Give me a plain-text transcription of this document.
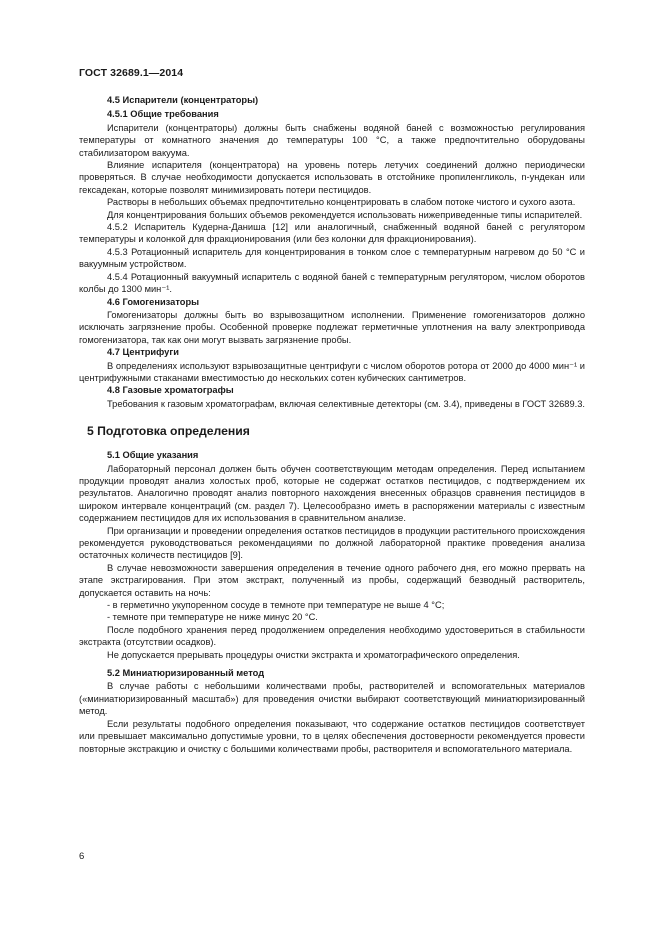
ГОСТ 32689.1—2014
4.5 Испарители (концентраторы)
4.5.1 Общие требования

Испарители (концентраторы) должны быть снабжены водяной баней с возможностью регулирования температуры от комнатного значения до температуры 100 °С, а также предпочтительно оборудованы стабилизатором вакуума.

Влияние испарителя (концентратора) на уровень потерь летучих соединений должно периодически проверяться. В случае необходимости допускается использовать в отстойнике пропиленгликоль, n-ундекан или гексадекан, которые позволят минимизировать потери пестицидов.

Растворы в небольших объемах предпочтительно концентрировать в слабом потоке чистого и сухого азота.

Для концентрирования больших объемов рекомендуется использовать нижеприведенные типы испарителей.

4.5.2 Испаритель Кудерна-Даниша [12] или аналогичный, снабженный водяной баней с регулятором температуры и колонкой для фракционирования (или без колонки для фракционирования).

4.5.3 Ротационный испаритель для концентрирования в тонком слое с температурным нагревом до 50 °С и вакуумным устройством.

4.5.4 Ротационный вакуумный испаритель с водяной баней с температурным регулятором, числом оборотов колбы до 1300 мин⁻¹.

4.6 Гомогенизаторы

Гомогенизаторы должны быть во взрывозащитном исполнении. Применение гомогенизаторов должно исключать загрязнение пробы. Особенной проверке подлежат герметичные уплотнения на валу электропривода гомогенизатора, так как они могут вызвать загрязнение пробы.

4.7 Центрифуги

В определениях используют взрывозащитные центрифуги с числом оборотов ротора от 2000 до 4000 мин⁻¹ и центрифужными стаканами вместимостью до нескольких сотен кубических сантиметров.

4.8 Газовые хроматографы

Требования к газовым хроматографам, включая селективные детекторы (см. 3.4), приведены в ГОСТ 32689.3.

5 Подготовка определения
5.1 Общие указания

Лабораторный персонал должен быть обучен соответствующим методам определения. Перед испытанием продукции проводят анализ холостых проб, которые не содержат остатков пестицидов, с подтверждением их результатов. Аналогично проводят анализ повторного нахождения внесенных образцов сравнения пестицидов в широком интервале концентраций (см. раздел 7). Целесообразно иметь в распоряжении материалы с известным содержанием пестицидов для их использования в сравнительном анализе.

При организации и проведении определения остатков пестицидов в продукции растительного происхождения рекомендуется руководствоваться рекомендациями по должной лабораторной практике проведения анализа остаточных количеств пестицидов [9].

В случае невозможности завершения определения в течение одного рабочего дня, его можно прервать на этапе экстрагирования. При этом экстракт, полученный из пробы, содержащий безводный растворитель, допускается оставить на ночь:

- в герметично укупоренном сосуде в темноте при температуре не выше 4 °С;

- темноте при температуре не ниже минус 20 °С.

После подобного хранения перед продолжением определения необходимо удостовериться в стабильности экстракта (отсутствии осадков).

Не допускается прерывать процедуры очистки экстракта и хроматографического определения.

5.2 Миниатюризированный метод

В случае работы с небольшими количествами пробы, растворителей и вспомогательных материалов («миниатюризированный масштаб») для проведения очистки выбирают соответствующий миниатюризированный метод.

Если результаты подобного определения показывают, что содержание остатков пестицидов соответствует или превышает максимально допустимые уровни, то в целях обеспечения достоверности рекомендуется провести повторные экстракцию и очистку с большими количествами пробы, растворителя и вспомогательного материала.

6
